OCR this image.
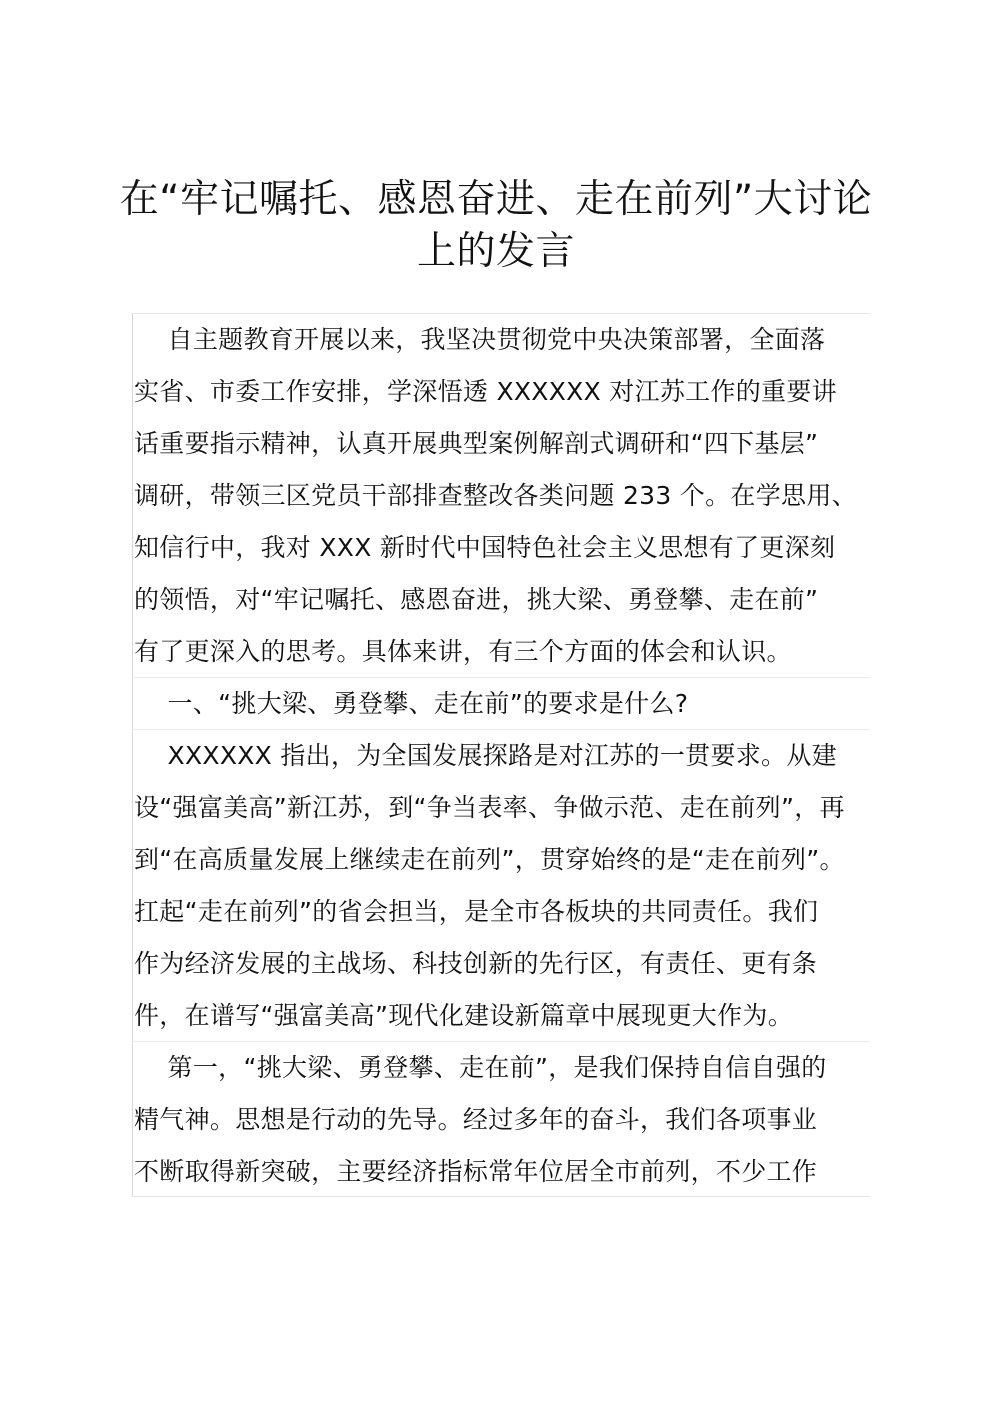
在“牢记嘱托、感恩奋进、走在前列”大讨论
上的发言
　 自主题教育开展以来，我坚决贯彻党中央决策部署，全面落
实省、市委工作安排，学深悟透 XXXXXX 对江苏工作的重要讲
话重要指示精神，认真开展典型案例解剖式调研和“四下基层”
调研，带领三区党员干部排查整改各类问题 233 个。在学思用、
知信行中，我对 XXX 新时代中国特色社会主义思想有了更深刻
的领悟，对“牢记嘱托、感恩奋进，挑大梁、勇登攀、走在前”
有了更深入的思考。具体来讲，有三个方面的体会和认识。
　 一、“挑大梁、勇登攀、走在前”的要求是什么?
　 XXXXXX 指出，为全国发展探路是对江苏的一贯要求。从建
设“强富美高”新江苏，到“争当表率、争做示范、走在前列”，再
到“在高质量发展上继续走在前列”，贯穿始终的是“走在前列”。
扛起“走在前列”的省会担当，是全市各板块的共同责任。我们
作为经济发展的主战场、科技创新的先行区，有责任、更有条
件，在谱写“强富美高”现代化建设新篇章中展现更大作为。
　 第一，“挑大梁、勇登攀、走在前”，是我们保持自信自强的
精气神。思想是行动的先导。经过多年的奋斗，我们各项事业
不断取得新突破，主要经济指标常年位居全市前列，不少工作
